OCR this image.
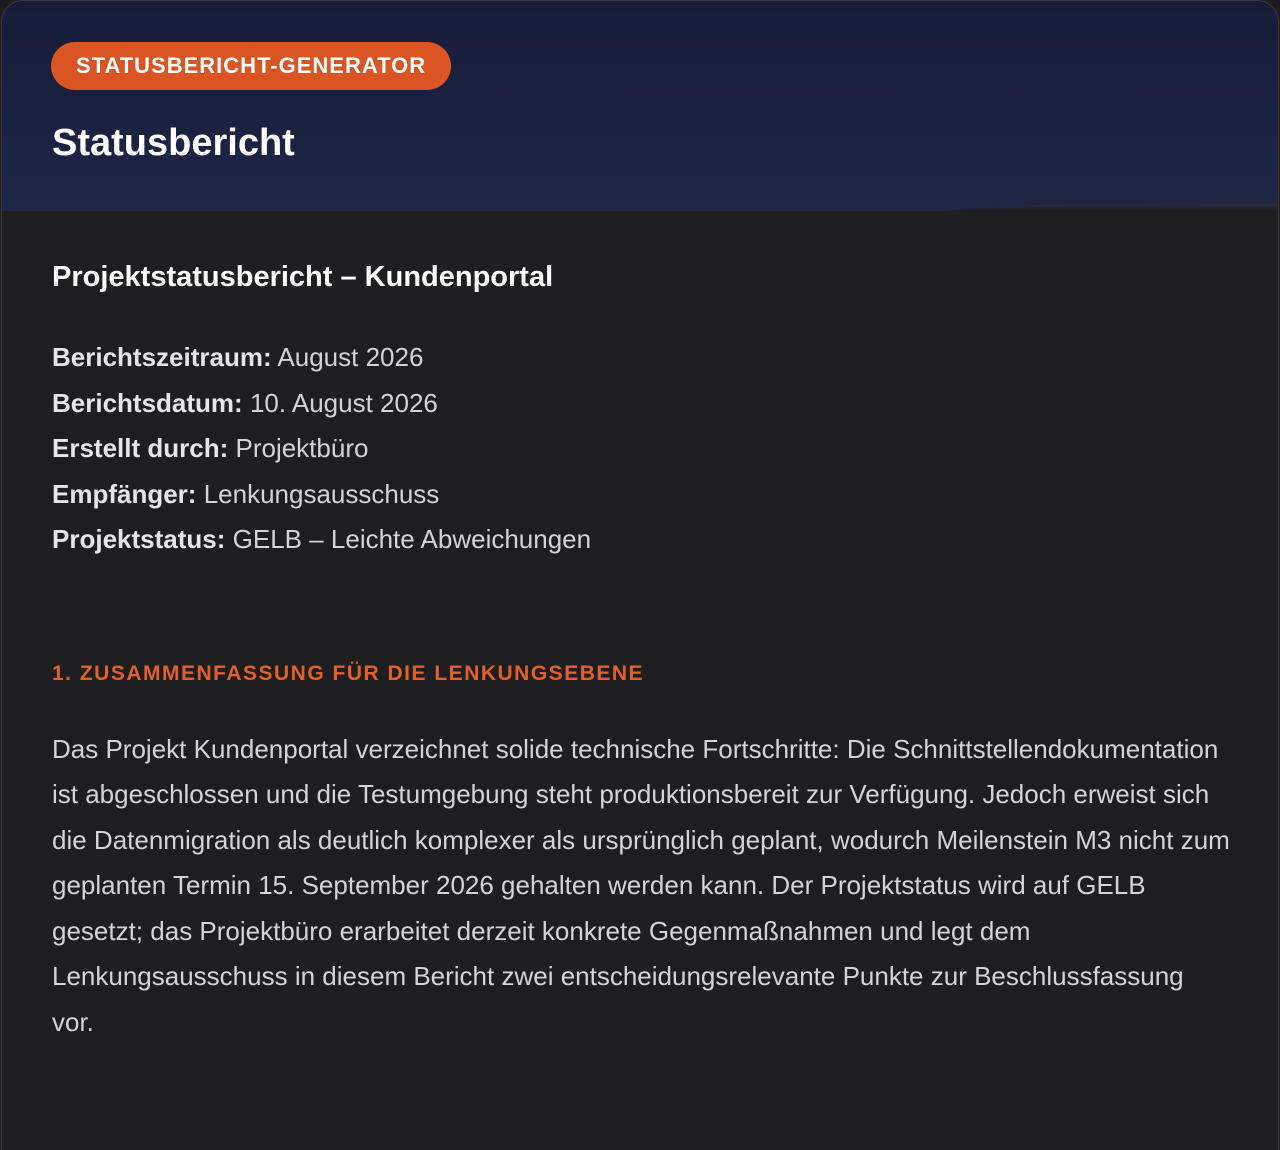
STATUSBERICHT-GENERATOR
Statusbericht
Projektstatusbericht – Kundenportal
Berichtszeitraum: August 2026
Berichtsdatum: 10. August 2026
Erstellt durch: Projektbüro
Empfänger: Lenkungsausschuss
Projektstatus: GELB – Leichte Abweichungen
1. ZUSAMMENFASSUNG FÜR DIE LENKUNGSEBENE

Das Projekt Kundenportal verzeichnet solide technische Fortschritte: Die Schnittstellendokumentation ist abgeschlossen und die Testumgebung steht produktionsbereit zur Verfügung. Jedoch erweist sich die Datenmigration als deutlich komplexer als ursprünglich geplant, wodurch Meilenstein M3 nicht zum geplanten Termin 15. September 2026 gehalten werden kann. Der Projektstatus wird auf GELB gesetzt; das Projektbüro erarbeitet derzeit konkrete Gegenmaßnahmen und legt dem Lenkungsausschuss in diesem Bericht zwei entscheidungsrelevante Punkte zur Beschlussfassung vor.
